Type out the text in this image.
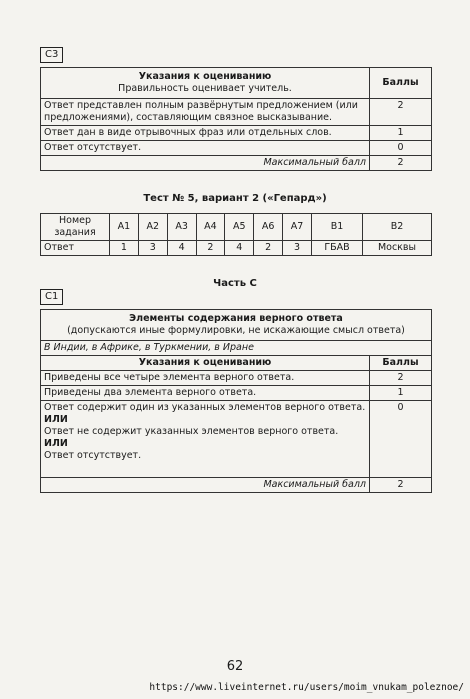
C3
Указания к оцениванию
Правильность оценивает учитель.	Баллы
Ответ представлен полным развёрнутым предложением (или предложениями), составляющим связное высказывание.	2
Ответ дан в виде отрывочных фраз или отдельных слов.	1
Ответ отсутствует.	0
Максимальный балл	2
Тест № 5, вариант 2 («Гепард»)
Номер задания	А1	А2	А3	А4	А5	А6	А7	В1	В2
Ответ	1	3	4	2	4	2	3	ГБАВ	Москвы
Часть С
С1
Элементы содержания верного ответа
(допускаются иные формулировки, не искажающие смысл ответа)	

В Индии, в Африке, в Туркмении, в Иране	
Указания к оцениванию	Баллы
Приведены все четыре элемента верного ответа.	2
Приведены два элемента верного ответа.	1

Ответ содержит один из указанных элементов верного ответа.
ИЛИ
Ответ не содержит указанных элементов верного ответа.
ИЛИ
Ответ отсутствует.	0
Максимальный балл	2
62
https://www.liveinternet.ru/users/moim_vnukam_poleznoe/
